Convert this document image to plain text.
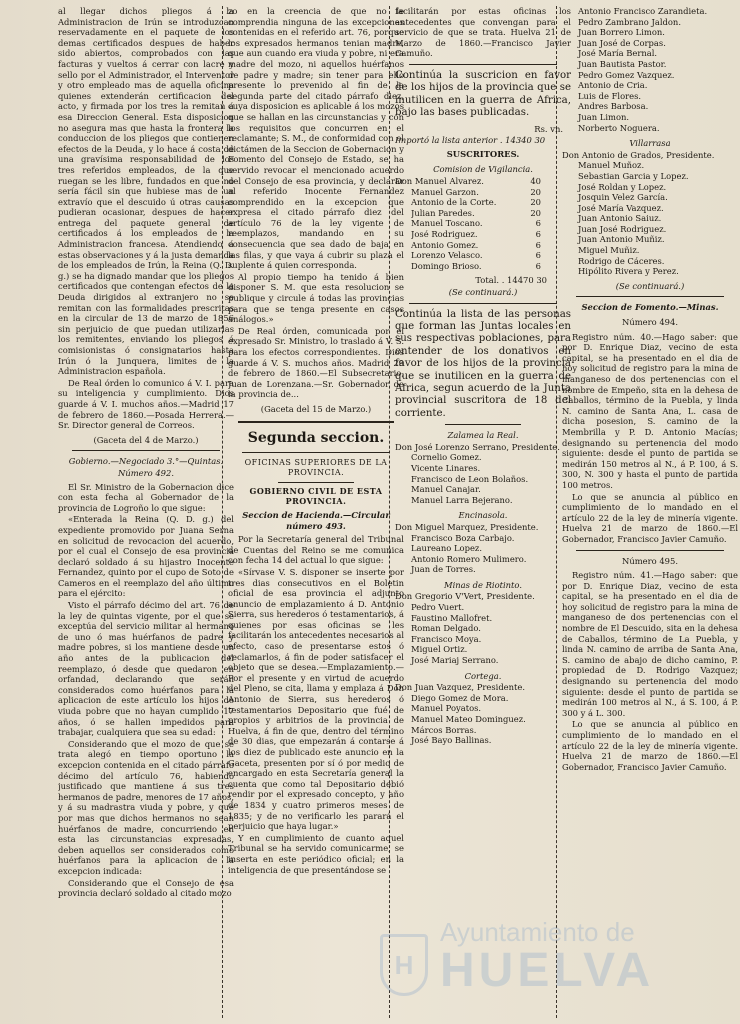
al llegar dichos pliegos á la Administracion de Irún se introduzcan reservadamente en el paquete de los demas certificados despues de haber sido abiertos, comprobados con las facturas y vueltos á cerrar con lacre y sello por el Administrador, el Interventor y otro empleado mas de aquella oficina quienes extenderán certificacion del acto, y firmada por los tres la remitan á esa Direccion General. Esta disposicion no asegura mas que hasta la frontera la conduccion de los pliegos que contienen efectos de la Deuda, y lo hace á costa de una gravísima responsabilidad de los tres referidos empleados, de la que ruegan se les libre, fundados en que no sería fácil sin que hubiese mas de un extravío que el descuido ú otras causas pudieran ocasionar, despues de hacer entrega del paquete general de certificados á los empleados de la Administracion francesa. Atendiendo á estas observaciones y á la justa demanda de los empleados de Irún, la Reina (Q. D. g.) se ha dignado mandar que los pliegos certificados que contengan efectos de la Deuda dirigidos al extranjero no se remitan con las formalidades prescritas en la circular de 13 de marzo de 1856 sin perjuicio de que puedan utilizarlas los remitentes, enviando los pliegos á comisionistas ó consignatarios hasta Irún ó la Junquera, limites de la Administracion española.

De Real órden lo comunico á V. I. para su inteligencia y cumplimiento. Dios guarde á V. I. muchos años.—Madrid 17 de febrero de 1860.—Posada Herrera.—Sr. Director general de Correos.

(Gaceta del 4 de Marzo.)

Gobierno.—Negociado 3.°—Quintas.

Número 492.

El Sr. Ministro de la Gobernacion dice con esta fecha al Gobernador de la provincia de Logroño lo que sigue:

«Enterada la Reina (Q. D. g.) del expediente promovido por Juana Serna en solicitud de revocacion del acuerdo, por el cual el Consejo de esa provincia declaró soldado á su hijastro Inocente Fernandez, quinto por el cupo de Soto de Cameros en el reemplazo del año último para el ejército:

Visto el párrafo décimo del art. 76 de la ley de quintas vigente, por el que se exceptúa del servicio militar al hermano de uno ó mas huérfanos de padre y madre pobres, si los mantiene desde un año antes de la publicacion del reemplazo, ó desde que quedaron en orfandad, declarando que serán considerados como huérfanos para la aplicacion de este artículo los hijos de viuda pobre que no hayan cumplido 17 años, ó se hallen impedidos para trabajar, cualquiera que sea su edad:

Considerando que el mozo de que se trata alegó en tiempo oportuno la excepcion contenida en el citado párrafo décimo del artículo 76, habiendo justificado que mantiene á sus tres hermanos de padre, menores de 17 años, y á su madrastra viuda y pobre, y que por mas que dichos hermanos no sean huérfanos de madre, concurriendo en esta las circunstancias expresadas, deben aquellos ser considerados como huérfanos para la aplicacion de la excepcion indicada:

Considerando que el Consejo de esa provincia declaró soldado al citado mozo

zo en la creencia de que no le comprendia ninguna de las excepciones contenidas en el referido art. 76, porque los expresados hermanos tenian madre, que aun cuando era viuda y pobre, ni era madre del mozo, ni aquellos huérfanos de padre y madre; sin tener para ello presente lo prevenido al fin de la segunda parte del citado párrafo diez, cuya disposicion es aplicable á los mozos que se hallan en las circunstancias y con los requisitos que concurren en el reclamante; S. M., de conformidad con el dictámen de la Seccion de Gobernacion y Fomento del Consejo de Estado, se ha servido revocar el mencionado acuerdo del Consejo de esa provincia, y declarar al referido Inocente Fernandez comprendido en la excepcion que expresa el citado párrafo diez del artículo 76 de la ley vigente de reemplazos, mandando en su consecuencia que sea dado de baja en las filas, y que vaya á cubrir su plaza el suplente á quien corresponda.

Al propio tiempo ha tenido á bien disponer S. M. que esta resolucion se publique y circule á todas las provincias para que se tenga presente en casos análogos.»

De Real órden, comunicada por el expresado Sr. Ministro, lo traslado á V. S. para los efectos correspondientes. Dios guarde á V. S. muchos años. Madrid 29 de febrero de 1860.—El Subsecretario, Juan de Lorenzana.—Sr. Gobernador de la provincia de...

(Gaceta del 15 de Marzo.)

Segunda seccion.

OFICINAS SUPERIORES DE LA PROVINCIA.

GOBIERNO CIVIL DE ESTA PROVINCIA.

Seccion de Hacienda.—Circular número 493.

Por la Secretaría general del Tribunal de Cuentas del Reino se me comunica con fecha 14 del actual lo que sigue:

«Sírvase V. S. disponer se inserte por tres dias consecutivos en el Boletin oficial de esa provincia el adjunto anuncio de emplazamiento á D. Antonio Sierra, sus herederos ó testamentarios, á quienes por esas oficinas se les facilitarán los antecedentes necesarios al efecto, caso de presentarse estos ó reclamarlos, á fin de poder satisfacer el objeto que se desea.—Emplazamiento.—Por el presente y en virtud de acuerdo del Pleno, se cita, llama y emplaza á Don Antonio de Sierra, sus herederos ó testamentarios Depositario que fué de propios y arbitrios de la provincia de Huelva, á fin de que, dentro del término de 30 dias, que empezarán á contarse á los diez de publicado este anuncio en la Gaceta, presenten por sí ó por medio de encargado en esta Secretaría general la cuenta que como tal Depositario debió rendir por el expresado concepto, y año de 1834 y cuatro primeros meses de 1835; y de no verificarlo les parará el perjuicio que haya lugar.»

Y en cumplimiento de cuanto aquel Tribunal se ha servido comunicarme, se inserta en este periódico oficial; en la inteligencia de que presentándose se

facilitarán por estas oficinas los antecedentes que convengan para el servicio de que se trata. Huelva 21 de Marzo de 1860.—Francisco Javier Camuño.

Continúa la suscricion en favor de los hijos de la provincia que se inutilicen en la guerra de Africa, bajo las bases publicadas.

Rs. vn.

Importó la lista anterior . 14340 30

SUSCRITORES.

Comision de Vigilancia.

Don Manuel Alvarez.	40
Manuel Garzon.	20
Antonio de la Corte.	20
Julian Paredes.	20
Manuel Toscano.	6
José Rodriguez.	6
Antonio Gomez.	6
Lorenzo Velasco.	6
Domingo Brioso.	6

Total. . 14470 30

(Se continuará.)

Continúa la lista de las personas que forman las Juntas locales en sus respectivas poblaciones, para entender de los donativos en favor de los hijos de la provincia que se inutilicen en la guerra de Africa, segun acuerdo de la Junta provincial suscritora de 18 del corriente.

Zalamea la Real.

Don José Lorenzo Serrano, Presidente.
Cornelio Gomez.
Vicente Linares.
Francisco de Leon Bolaños.
Manuel Canajar.
Manuel Larra Bejerano.

Encinasola.

Don Miguel Marquez, Presidente.
Francisco Boza Carbajo.
Laureano Lopez.
Antonio Romero Mulimero.
Juan de Torres.

Minas de Riotinto.

Don Gregorio V'Vert, Presidente.
Pedro Vuert.
Faustino Mallofret.
Roman Delgado.
Francisco Moya.
Miguel Ortiz.
José Mariaj Serrano.

Cortega.

Don Juan Vazquez, Presidente.
Diego Gomez de Mora.
Manuel Poyatos.
Manuel Mateo Dominguez.
Márcos Borras.
José Bayo Ballinas.
Antonio Francisco Zarandieta.
Pedro Zambrano Jaldon.
Juan Borrero Limon.
Juan José de Corpas.
José María Bernal.
Juan Bautista Pastor.
Pedro Gomez Vazquez.
Antonio de Cria.
Luis de Flores.
Andres Barbosa.
Juan Limon.
Norberto Noguera.

Villarrasa

Don Antonio de Grados, Presidente.
Manuel Muñoz.
Sebastian Garcia y Lopez.
José Roldan y Lopez.
Josquin Velez García.
José María Vazquez.
Juan Antonio Saiuz.
Juan José Rodriguez.
Juan Antonio Muñiz.
Miguel Muñiz.
Rodrigo de Cáceres.
Hipólito Rivera y Perez.

(Se continuará.)

Seccion de Fomento.—Minas.

Número 494.

Registro núm. 40.—Hago saber: que por D. Enrique Diaz, vecino de esta capital, se ha presentado en el dia de hoy solicitud de registro para la mina de manganeso de dos pertenencias con el nombre de Empeño, sita en la dehesa de Caballos, término de la Puebla, y linda N. camino de Santa Ana, L. casa de dicha posesion, S. camino de la Membrilla y P. D. Antonio Macías; designando su pertenencia del modo siguiente: desde el punto de partida se medirán 150 metros al N., á P. 100, á S. 300, N. 300 y hasta el punto de partida 100 metros.

Lo que se anuncia al público en cumplimiento de lo mandado en el artículo 22 de la ley de minería vigente. Huelva 21 de marzo de 1860.—El Gobernador, Francisco Javier Camuño.

Número 495.

Registro núm. 41.—Hago saber: que por D. Enrique Diaz, vecino de esta capital, se ha presentado en el dia de hoy solicitud de registro para la mina de manganeso de dos pertenencias con el nombre de El Descuido, sita en la dehesa de Caballos, término de La Puebla, y linda N. camino de arriba de Santa Ana, S. camino de abajo de dicho camino, P. propiedad de D. Rodrigo Vazquez; designando su pertenencia del modo siguiente: desde el punto de partida se medirán 100 metros al N., á S. 100, á P. 300 y á L. 300.

Lo que se anuncia al público en cumplimiento de lo mandado en el artículo 22 de la ley de minería vigente. Huelva 21 de marzo de 1860.—El Gobernador, Francisco Javier Camuño.

H
Ayuntamiento de
HUELVA
